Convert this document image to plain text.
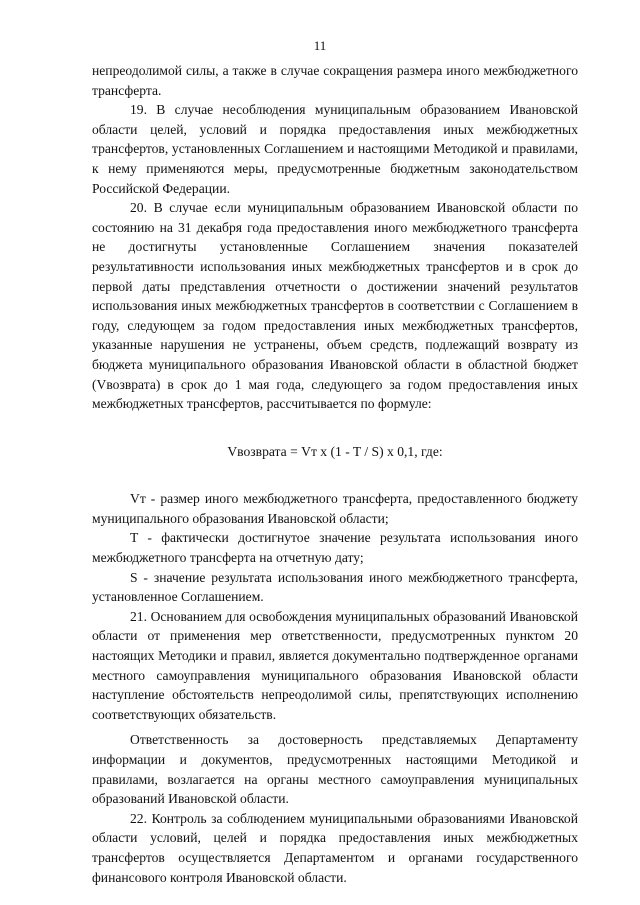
11

непреодолимой силы, а также в случае сокращения размера иного межбюджетного трансферта.

19. В случае несоблюдения муниципальным образованием Ивановской области целей, условий и порядка предоставления иных межбюджетных трансфертов, установленных Соглашением и настоящими Методикой и правилами, к нему применяются меры, предусмотренные бюджетным законодательством Российской Федерации.

20. В случае если муниципальным образованием Ивановской области по состоянию на 31 декабря года предоставления иного межбюджетного трансферта не достигнуты установленные Соглашением значения показателей результативности использования иных межбюджетных трансфертов и в срок до первой даты представления отчетности о достижении значений результатов использования иных межбюджетных трансфертов в соответствии с Соглашением в году, следующем за годом предоставления иных межбюджетных трансфертов, указанные нарушения не устранены, объем средств, подлежащий возврату из бюджета муниципального образования Ивановской области в областной бюджет (Vвозврата) в срок до 1 мая года, следующего за годом предоставления иных межбюджетных трансфертов, рассчитывается по формуле:

Vвозврата = Vт x (1 - T / S) x 0,1, где:

Vт - размер иного межбюджетного трансферта, предоставленного бюджету муниципального образования Ивановской области;

T - фактически достигнутое значение результата использования иного межбюджетного трансферта на отчетную дату;

S - значение результата использования иного межбюджетного трансферта, установленное Соглашением.

21. Основанием для освобождения муниципальных образований Ивановской области от применения мер ответственности, предусмотренных пунктом 20 настоящих Методики и правил, является документально подтвержденное органами местного самоуправления муниципального образования Ивановской области наступление обстоятельств непреодолимой силы, препятствующих исполнению соответствующих обязательств.

Ответственность за достоверность представляемых Департаменту информации и документов, предусмотренных настоящими Методикой и правилами, возлагается на органы местного самоуправления муниципальных образований Ивановской области.

22. Контроль за соблюдением муниципальными образованиями Ивановской области условий, целей и порядка предоставления иных межбюджетных трансфертов осуществляется Департаментом и органами государственного финансового контроля Ивановской области.
